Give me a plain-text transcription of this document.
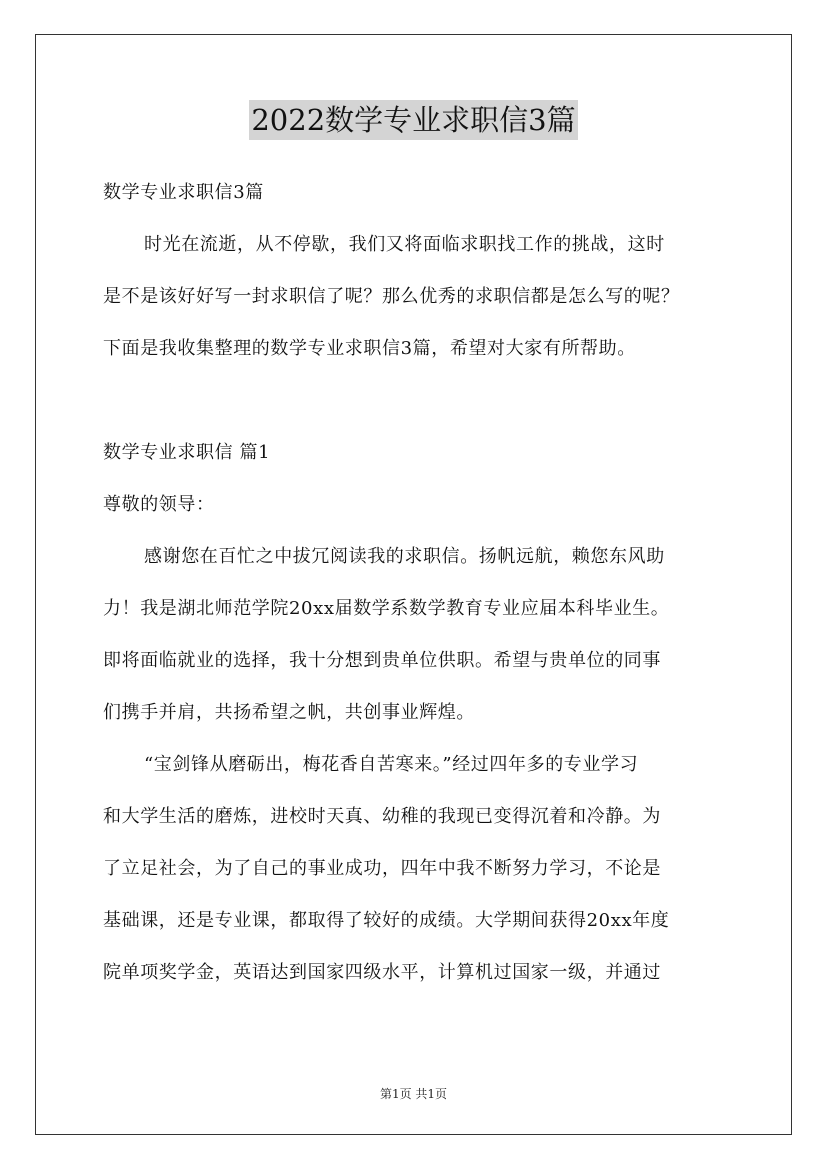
2022数学专业求职信3篇
数学专业求职信3篇
时光在流逝，从不停歇，我们又将面临求职找工作的挑战，这时
是不是该好好写一封求职信了呢？那么优秀的求职信都是怎么写的呢？
下面是我收集整理的数学专业求职信3篇，希望对大家有所帮助。
数学专业求职信 篇1
尊敬的领导：
感谢您在百忙之中拔冗阅读我的求职信。扬帆远航，赖您东风助
力！我是湖北师范学院20xx届数学系数学教育专业应届本科毕业生。
即将面临就业的选择，我十分想到贵单位供职。希望与贵单位的同事
们携手并肩，共扬希望之帆，共创事业辉煌。
“宝剑锋从磨砺出，梅花香自苦寒来。”经过四年多的专业学习
和大学生活的磨炼，进校时天真、幼稚的我现已变得沉着和冷静。为
了立足社会，为了自己的事业成功，四年中我不断努力学习，不论是
基础课，还是专业课，都取得了较好的成绩。大学期间获得20xx年度
院单项奖学金，英语达到国家四级水平，计算机过国家一级，并通过
第1页 共1页
